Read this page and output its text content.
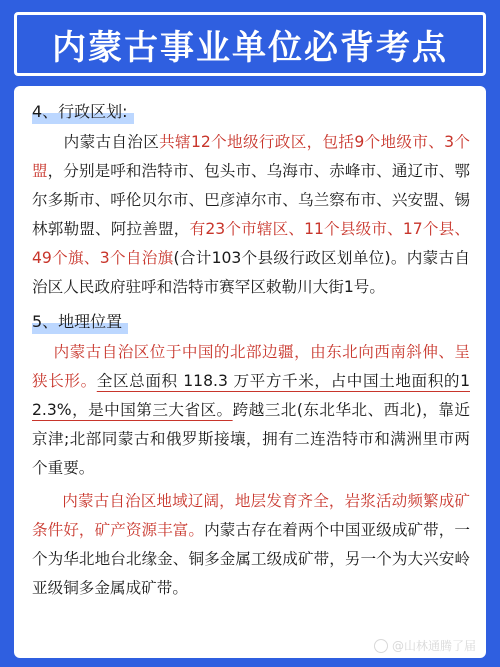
内蒙古事业单位必背考点
4、行政区划:

内蒙古自治区共辖12个地级行政区，包括9个地级市、3个盟，分别是呼和浩特市、包头市、乌海市、赤峰市、通辽市、鄂尔多斯市、呼伦贝尔市、巴彦淖尔市、乌兰察布市、兴安盟、锡林郭勒盟、阿拉善盟，有23个市辖区、11个县级市、17个县、49个旗、3个自治旗(合计103个县级行政区划单位)。内蒙古自治区人民政府驻呼和浩特市赛罕区敕勒川大街1号。

5、地理位置

内蒙古自治区位于中国的北部边疆，由东北向西南斜伸、呈狭长形。全区总面积 118.3 万平方千米，占中国土地面积的12.3%，是中国第三大省区。跨越三北(东北华北、西北)，靠近京津;北部同蒙古和俄罗斯接壤，拥有二连浩特市和满洲里市两个重要。

内蒙古自治区地域辽阔，地层发育齐全，岩浆活动频繁成矿条件好，矿产资源丰富。内蒙古存在着两个中国亚级成矿带，一个为华北地台北缘金、铜多金属工级成矿带，另一个为大兴安岭亚级铜多金属成矿带。

@山林通腾了届
